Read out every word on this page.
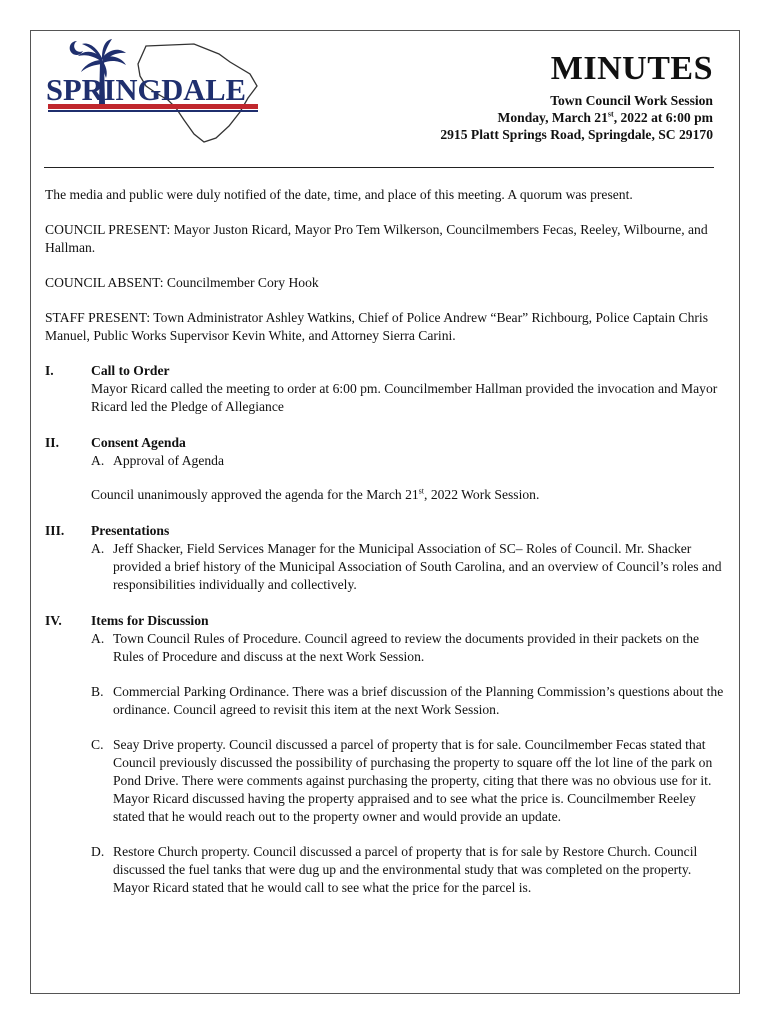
SPRINGDALE
MINUTES
Town Council Work Session
Monday, March 21st, 2022 at 6:00 pm
2915 Platt Springs Road, Springdale, SC 29170

The media and public were duly notified of the date, time, and place of this meeting. A quorum was present.

COUNCIL PRESENT: Mayor Juston Ricard, Mayor Pro Tem Wilkerson, Councilmembers Fecas, Reeley, Wilbourne, and Hallman.

COUNCIL ABSENT: Councilmember Cory Hook

STAFF PRESENT: Town Administrator Ashley Watkins, Chief of Police Andrew “Bear” Richbourg, Police Captain Chris Manuel, Public Works Supervisor Kevin White, and Attorney Sierra Carini.

I.	Call to Order
Mayor Ricard called the meeting to order at 6:00 pm. Councilmember Hallman provided the invocation and Mayor Ricard led the Pledge of Allegiance
II.	Consent Agenda
A. Approval of Agenda
Council unanimously approved the agenda for the March 21st, 2022 Work Session.
III.	Presentations
A. Jeff Shacker, Field Services Manager for the Municipal Association of SC– Roles of Council. Mr. Shacker provided a brief history of the Municipal Association of South Carolina, and an overview of Council’s roles and responsibilities individually and collectively.
IV.	Items for Discussion
A. Town Council Rules of Procedure. Council agreed to review the documents provided in their packets on the Rules of Procedure and discuss at the next Work Session.
B. Commercial Parking Ordinance. There was a brief discussion of the Planning Commission’s questions about the ordinance. Council agreed to revisit this item at the next Work Session.
C. Seay Drive property. Council discussed a parcel of property that is for sale. Councilmember Fecas stated that Council previously discussed the possibility of purchasing the property to square off the lot line of the park on Pond Drive. There were comments against purchasing the property, citing that there was no obvious use for it. Mayor Ricard discussed having the property appraised and to see what the price is. Councilmember Reeley stated that he would reach out to the property owner and would provide an update.
D. Restore Church property. Council discussed a parcel of property that is for sale by Restore Church. Council discussed the fuel tanks that were dug up and the environmental study that was completed on the property. Mayor Ricard stated that he would call to see what the price for the parcel is.
